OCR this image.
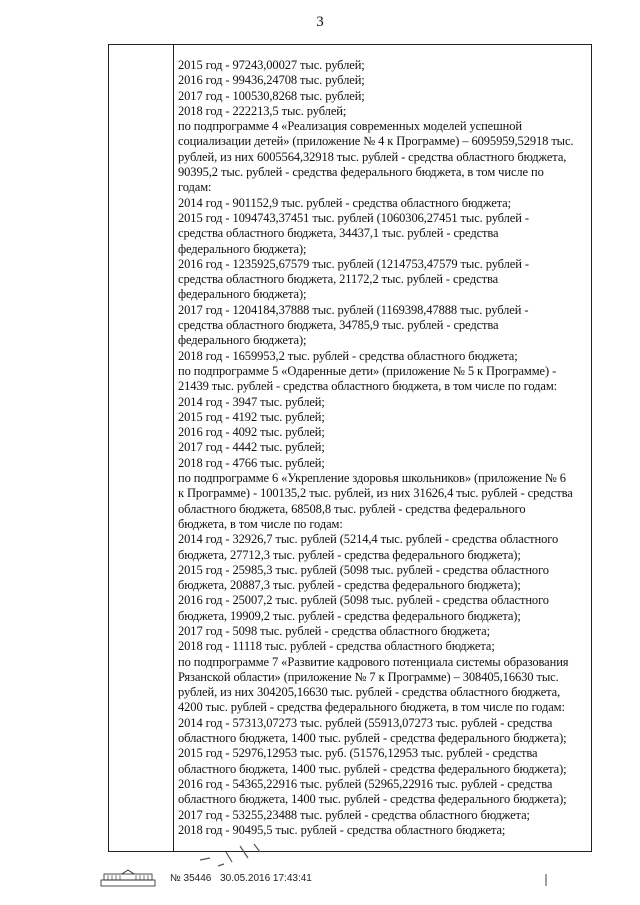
3
2015 год - 97243,00027 тыс. рублей;
2016 год - 99436,24708 тыс. рублей;
2017 год - 100530,8268 тыс. рублей;
2018 год - 222213,5 тыс. рублей;
по подпрограмме 4 «Реализация современных моделей успешной
социализации детей» (приложение № 4 к Программе) – 6095959,52918 тыс.
рублей, из них 6005564,32918 тыс. рублей - средства областного бюджета,
90395,2 тыс. рублей - средства федерального бюджета, в том числе по
годам:
2014 год - 901152,9 тыс. рублей - средства областного бюджета;
2015 год - 1094743,37451 тыс. рублей (1060306,27451 тыс. рублей -
средства областного бюджета, 34437,1 тыс. рублей - средства
федерального бюджета);
2016 год - 1235925,67579 тыс. рублей (1214753,47579 тыс. рублей -
средства областного бюджета, 21172,2 тыс. рублей - средства
федерального бюджета);
2017 год - 1204184,37888 тыс. рублей (1169398,47888 тыс. рублей -
средства областного бюджета, 34785,9 тыс. рублей - средства
федерального бюджета);
2018 год - 1659953,2 тыс. рублей - средства областного бюджета;
по подпрограмме 5 «Одаренные дети» (приложение № 5 к Программе) -
21439 тыс. рублей - средства областного бюджета, в том числе по годам:
2014 год - 3947 тыс. рублей;
2015 год - 4192 тыс. рублей;
2016 год - 4092 тыс. рублей;
2017 год - 4442 тыс. рублей;
2018 год - 4766 тыс. рублей;
по подпрограмме 6 «Укрепление здоровья школьников» (приложение № 6
к Программе) - 100135,2 тыс. рублей, из них 31626,4 тыс. рублей - средства
областного бюджета, 68508,8 тыс. рублей - средства федерального
бюджета, в том числе по годам:
2014 год - 32926,7 тыс. рублей (5214,4 тыс. рублей - средства областного
бюджета, 27712,3 тыс. рублей - средства федерального бюджета);
2015 год - 25985,3 тыс. рублей (5098 тыс. рублей - средства областного
бюджета, 20887,3 тыс. рублей - средства федерального бюджета);
2016 год - 25007,2 тыс. рублей (5098 тыс. рублей - средства областного
бюджета, 19909,2 тыс. рублей - средства федерального бюджета);
2017 год - 5098 тыс. рублей - средства областного бюджета;
2018 год - 11118 тыс. рублей - средства областного бюджета;
по подпрограмме 7 «Развитие кадрового потенциала системы образования
Рязанской области» (приложение № 7 к Программе) – 308405,16630 тыс.
рублей, из них 304205,16630 тыс. рублей - средства областного бюджета,
4200 тыс. рублей - средства федерального бюджета, в том числе по годам:
2014 год - 57313,07273 тыс. рублей (55913,07273 тыс. рублей - средства
областного бюджета, 1400 тыс. рублей - средства федерального бюджета);
2015 год - 52976,12953 тыс. руб. (51576,12953 тыс. рублей - средства
областного бюджета, 1400 тыс. рублей - средства федерального бюджета);
2016 год - 54365,22916 тыс. рублей (52965,22916 тыс. рублей - средства
областного бюджета, 1400 тыс. рублей - средства федерального бюджета);
2017 год - 53255,23488 тыс. рублей - средства областного бюджета;
2018 год - 90495,5 тыс. рублей - средства областного бюджета;
№ 35446 30.05.2016 17:43:41
